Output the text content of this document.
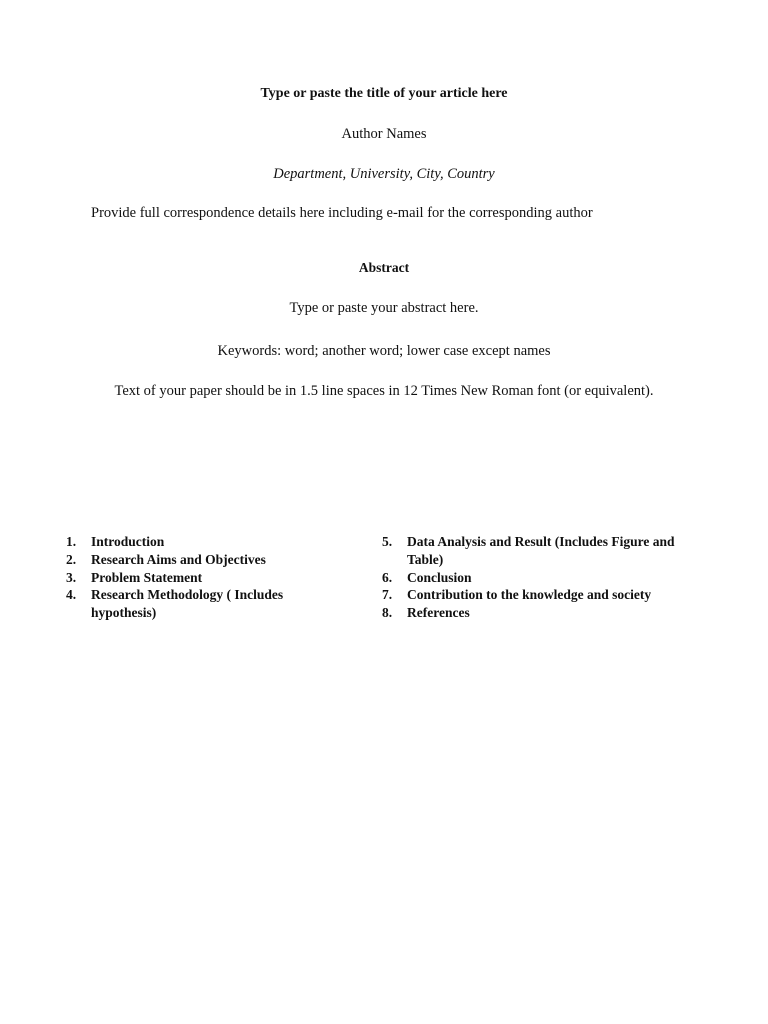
Type or paste the title of your article here
Author Names
Department, University, City, Country
Provide full correspondence details here including e-mail for the corresponding author
Abstract
Type or paste your abstract here.
Keywords: word; another word; lower case except names
Text of your paper should be in 1.5 line spaces in 12 Times New Roman font (or equivalent).
1.	Introduction
2.	Research Aims and Objectives
3.	Problem Statement
4.	Research Methodology ( Includes hypothesis)
5.	Data Analysis and Result (Includes Figure and Table)
6.	Conclusion
7.	Contribution to the knowledge and society
8.	References
